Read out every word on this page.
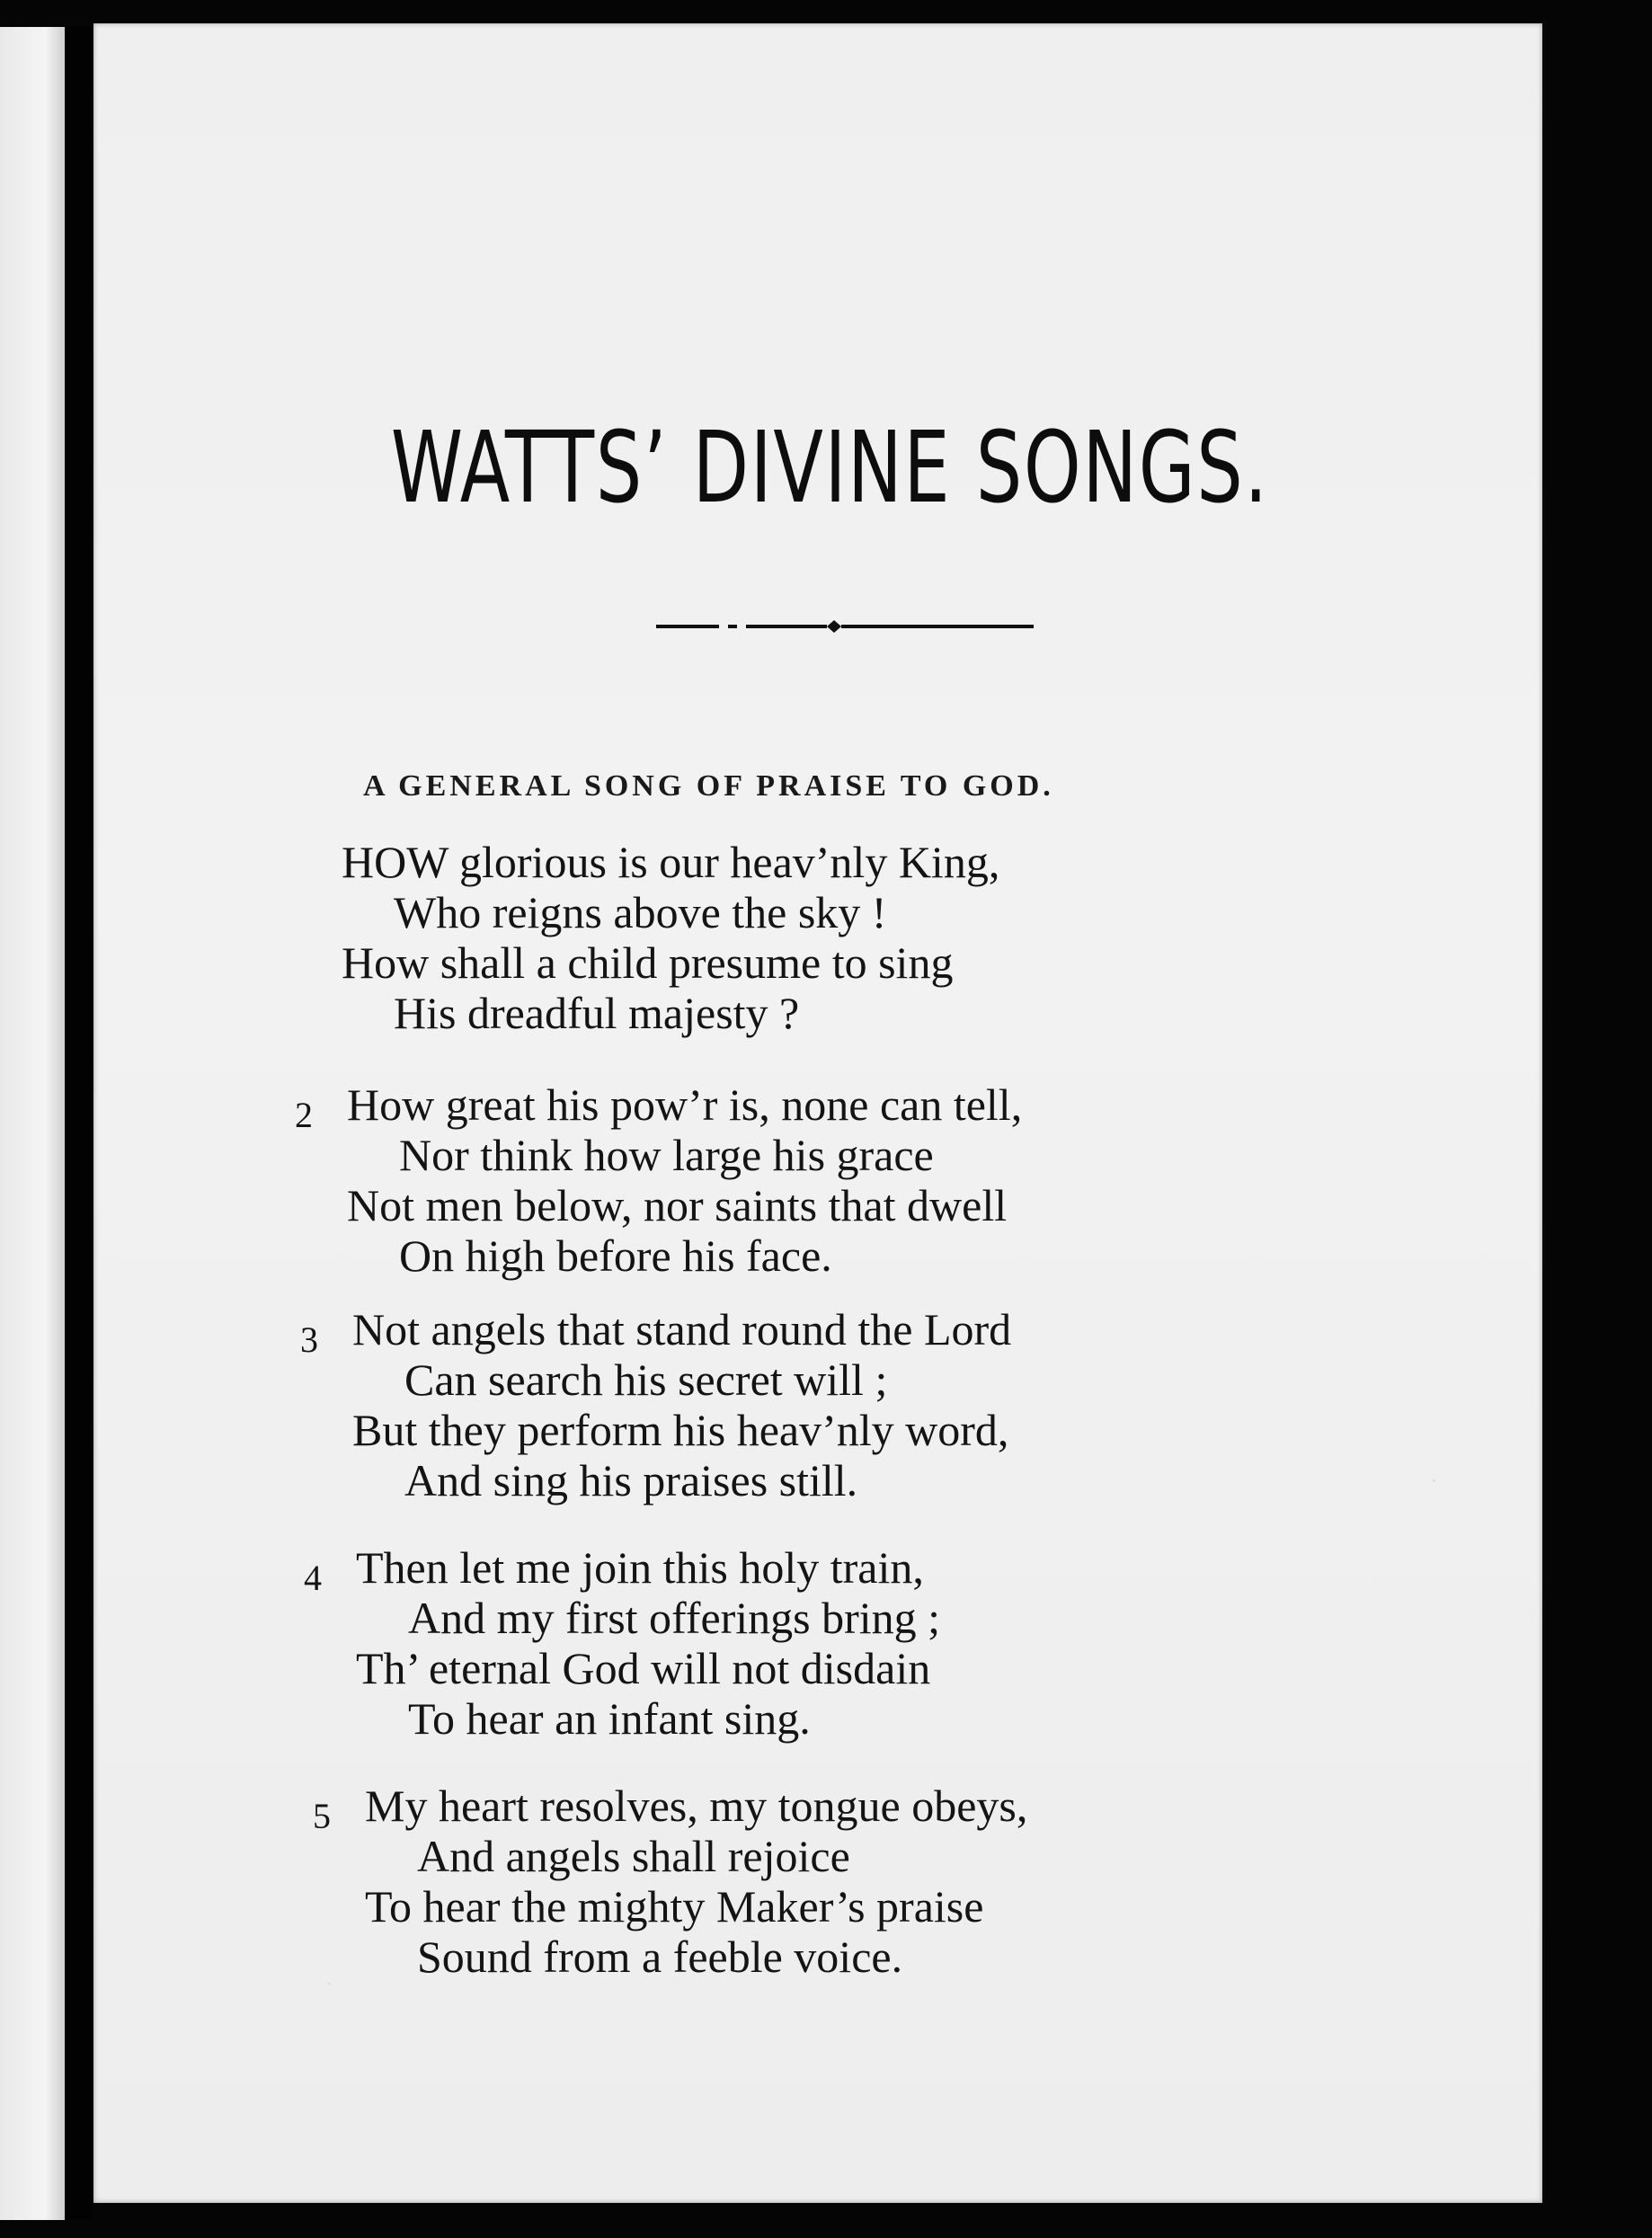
WATTS’ DIVINE SONGS.
A GENERAL SONG OF PRAISE TO GOD.
HOW glorious is our heav’nly King,
Who reigns above the sky !
How shall a child presume to sing
His dreadful majesty ?
2 How great his pow’r is, none can tell,
Nor think how large his grace
Not men below, nor saints that dwell
On high before his face.
3 Not angels that stand round the Lord
Can search his secret will ;
But they perform his heav’nly word,
And sing his praises still.
4 Then let me join this holy train,
And my first offerings bring ;
Th’ eternal God will not disdain
To hear an infant sing.
5 My heart resolves, my tongue obeys,
And angels shall rejoice
To hear the mighty Maker’s praise
Sound from a feeble voice.
